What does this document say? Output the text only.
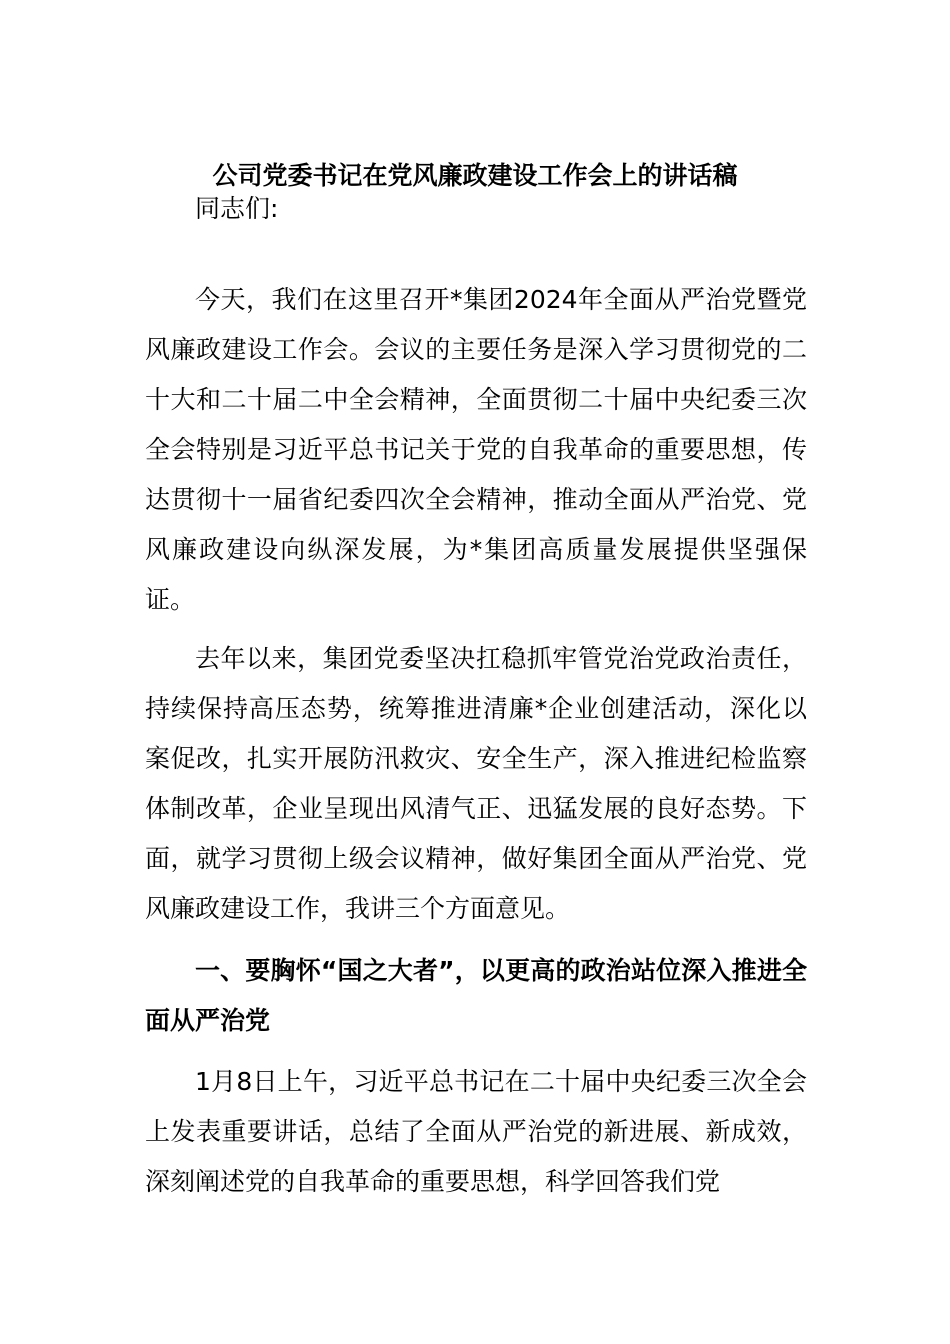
公司党委书记在党风廉政建设工作会上的讲话稿

同志们:

今天，我们在这里召开*集团2024年全面从严治党暨党风廉政建设工作会。会议的主要任务是深入学习贯彻党的二十大和二十届二中全会精神，全面贯彻二十届中央纪委三次全会特别是习近平总书记关于党的自我革命的重要思想，传达贯彻十一届省纪委四次全会精神，推动全面从严治党、党风廉政建设向纵深发展，为*集团高质量发展提供坚强保证。

去年以来，集团党委坚决扛稳抓牢管党治党政治责任，持续保持高压态势，统筹推进清廉*企业创建活动，深化以案促改，扎实开展防汛救灾、安全生产，深入推进纪检监察体制改革，企业呈现出风清气正、迅猛发展的良好态势。下面，就学习贯彻上级会议精神，做好集团全面从严治党、党风廉政建设工作，我讲三个方面意见。

一、要胸怀“国之大者”，以更高的政治站位深入推进全面从严治党

1月8日上午，习近平总书记在二十届中央纪委三次全会上发表重要讲话，总结了全面从严治党的新进展、新成效，深刻阐述党的自我革命的重要思想，科学回答我们党
